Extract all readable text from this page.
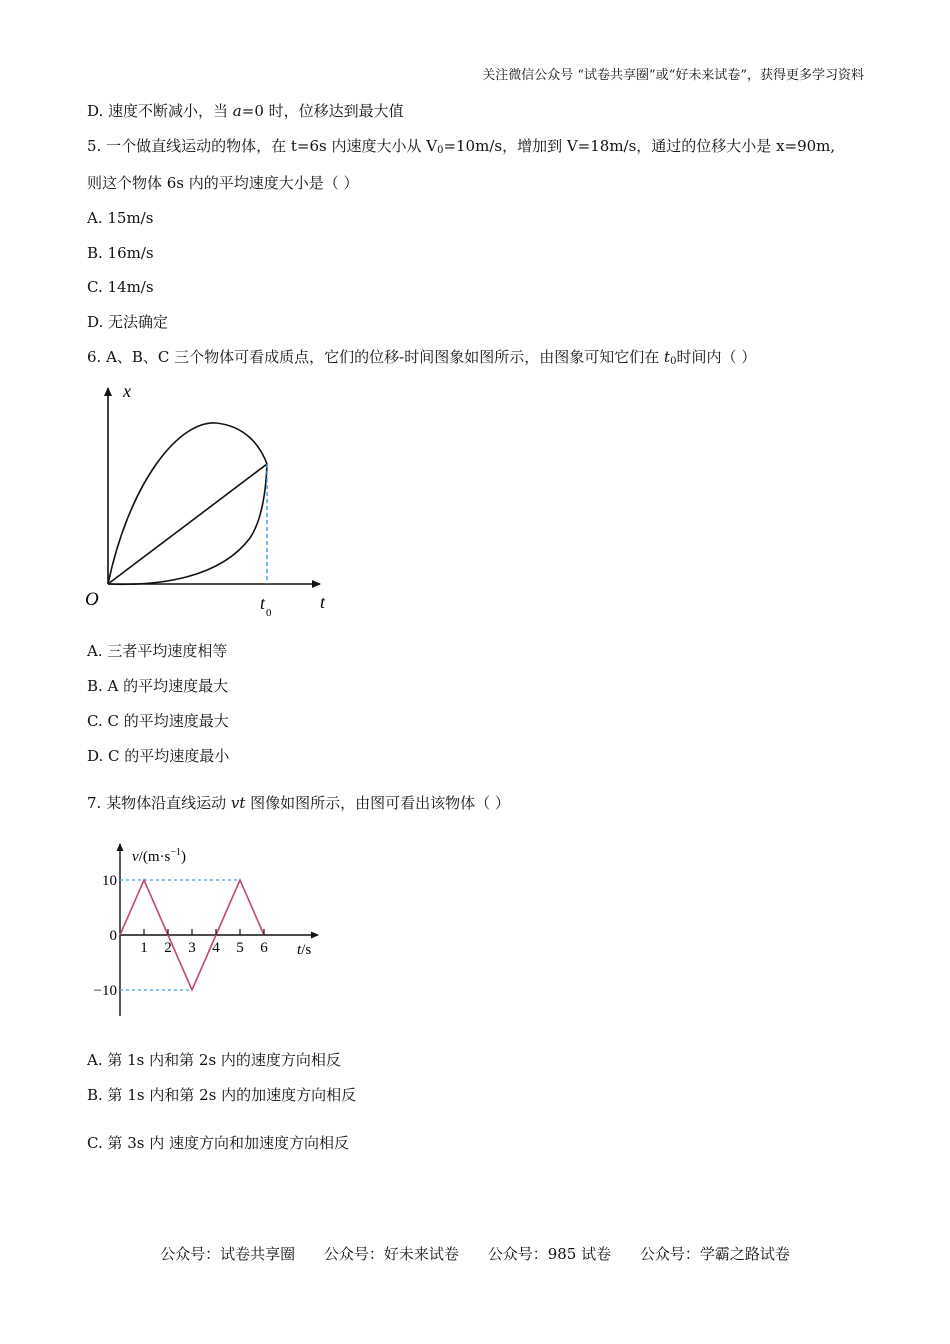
关注微信公众号 “试卷共享圈”或“好未来试卷”，获得更多学习资料
D. 速度不断减小，当 a=0 时，位移达到最大值
5. 一个做直线运动的物体，在 t=6s 内速度大小从 $V_0=10m/s$，增加到 V=18m/s，通过的位移大小是 x=90m,
则这个物体 6s 内的平均速度大小是（ ）
A. 15m/s
B. 16m/s
C. 14m/s
D. 无法确定
6. A、B、C 三个物体可看成质点，它们的位移-时间图象如图所示，由图象可知它们在 $t_0$时间内（ ）
x
t
O	t 0
A. 三者平均速度相等
B. A 的平均速度最大
C. C 的平均速度最大
D. C 的平均速度最小
7. 某物体沿直线运动 vt 图像如图所示，由图可看出该物体（ ）
1 2 3 4 5 6
10
0
−10
$v/(m\cdot s^{-1})$
t/s
A. 第 1s 内和第 2s 内的速度方向相反
B. 第 1s 内和第 2s 内的加速度方向相反
C. 第 3s 内 速度方向和加速度方向相反
公众号：试卷共享圈 公众号：好未来试卷 公众号：985 试卷 公众号：学霸之路试卷
